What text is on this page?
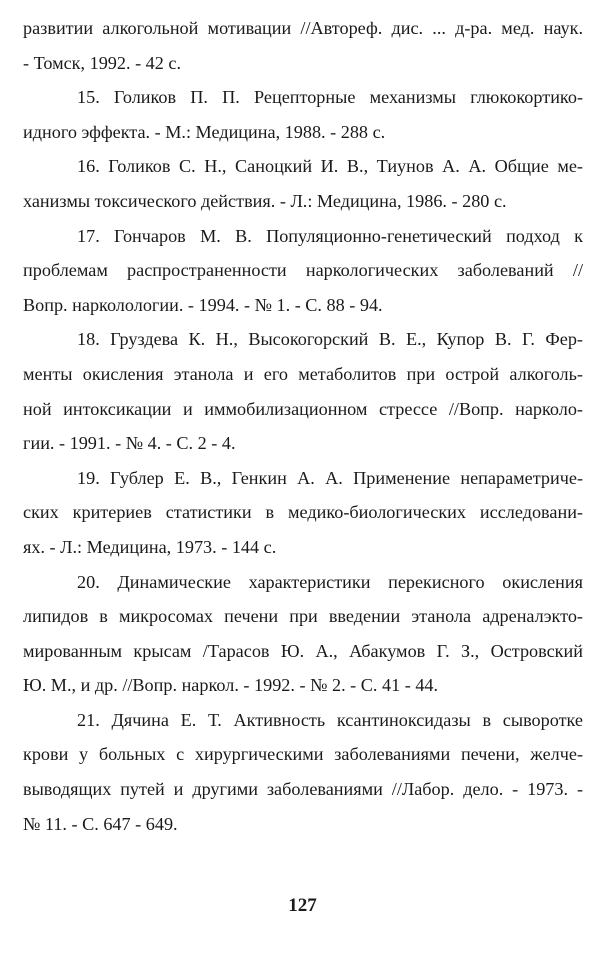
развитии алкогольной мотивации //Автореф. дис. ... д-ра. мед. наук.
- Томск, 1992. - 42 с.
15. Голиков П. П. Рецепторные механизмы глюкокортико-
идного эффекта. - М.: Медицина, 1988. - 288 с.
16. Голиков С. Н., Саноцкий И. В., Тиунов А. А. Общие ме-
ханизмы токсического действия. - Л.: Медицина, 1986. - 280 с.
17. Гончаров М. В. Популяционно-генетический подход к
проблемам распространенности наркологических заболеваний //
Вопр. нарколологии. - 1994. - № 1. - С. 88 - 94.
18. Груздева К. Н., Высокогорский В. Е., Купор В. Г. Фер-
менты окисления этанола и его метаболитов при острой алкоголь-
ной интоксикации и иммобилизационном стрессе //Вопр. нарколо-
гии. - 1991. - № 4. - С. 2 - 4.
19. Гублер Е. В., Генкин А. А. Применение непараметриче-
ских критериев статистики в медико-биологических исследовани-
ях. - Л.: Медицина, 1973. - 144 с.
20. Динамические характеристики перекисного окисления
липидов в микросомах печени при введении этанола адреналэкто-
мированным крысам /Тарасов Ю. А., Абакумов Г. З., Островский
Ю. М., и др. //Вопр. наркол. - 1992. - № 2. - С. 41 - 44.
21. Дячина Е. Т. Активность ксантиноксидазы в сыворотке
крови у больных с хирургическими заболеваниями печени, желче-
выводящих путей и другими заболеваниями //Лабор. дело. - 1973. -
№ 11. - С. 647 - 649.
127
